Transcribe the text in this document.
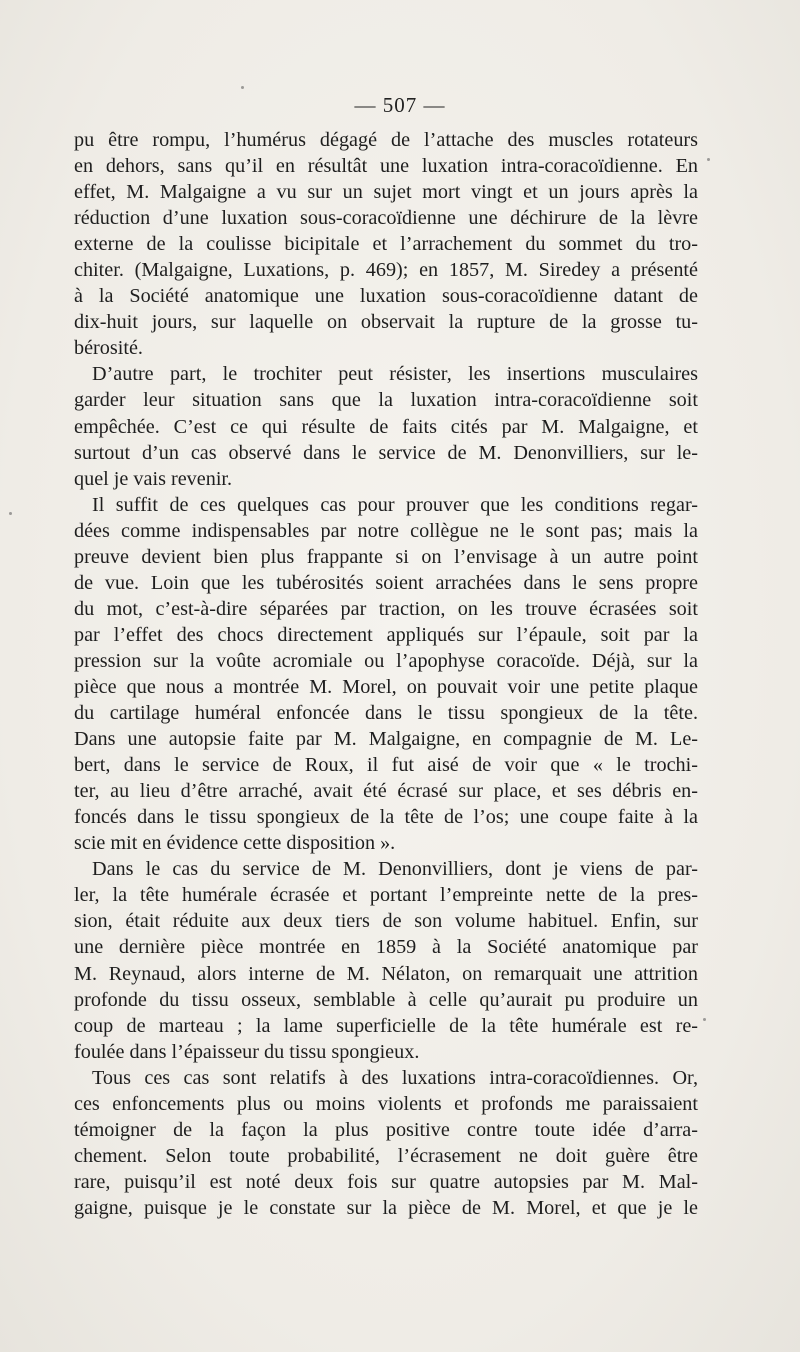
— 507 —
pu être rompu, l’humérus dégagé de l’attache des muscles rotateurs
en dehors, sans qu’il en résultât une luxation intra-coracoïdienne. En
effet, M. Malgaigne a vu sur un sujet mort vingt et un jours après la
réduction d’une luxation sous-coracoïdienne une déchirure de la lèvre
externe de la coulisse bicipitale et l’arrachement du sommet du tro-
chiter. (Malgaigne, Luxations, p. 469); en 1857, M. Siredey a présenté
à la Société anatomique une luxation sous-coracoïdienne datant de
dix-huit jours, sur laquelle on observait la rupture de la grosse tu-
bérosité.
D’autre part, le trochiter peut résister, les insertions musculaires
garder leur situation sans que la luxation intra-coracoïdienne soit
empêchée. C’est ce qui résulte de faits cités par M. Malgaigne, et
surtout d’un cas observé dans le service de M. Denonvilliers, sur le-
quel je vais revenir.
Il suffit de ces quelques cas pour prouver que les conditions regar-
dées comme indispensables par notre collègue ne le sont pas; mais la
preuve devient bien plus frappante si on l’envisage à un autre point
de vue. Loin que les tubérosités soient arrachées dans le sens propre
du mot, c’est-à-dire séparées par traction, on les trouve écrasées soit
par l’effet des chocs directement appliqués sur l’épaule, soit par la
pression sur la voûte acromiale ou l’apophyse coracoïde. Déjà, sur la
pièce que nous a montrée M. Morel, on pouvait voir une petite plaque
du cartilage huméral enfoncée dans le tissu spongieux de la tête.
Dans une autopsie faite par M. Malgaigne, en compagnie de M. Le-
bert, dans le service de Roux, il fut aisé de voir que « le trochi-
ter, au lieu d’être arraché, avait été écrasé sur place, et ses débris en-
foncés dans le tissu spongieux de la tête de l’os; une coupe faite à la
scie mit en évidence cette disposition ».
Dans le cas du service de M. Denonvilliers, dont je viens de par-
ler, la tête humérale écrasée et portant l’empreinte nette de la pres-
sion, était réduite aux deux tiers de son volume habituel. Enfin, sur
une dernière pièce montrée en 1859 à la Société anatomique par
M. Reynaud, alors interne de M. Nélaton, on remarquait une attrition
profonde du tissu osseux, semblable à celle qu’aurait pu produire un
coup de marteau ; la lame superficielle de la tête humérale est re-
foulée dans l’épaisseur du tissu spongieux.
Tous ces cas sont relatifs à des luxations intra-coracoïdiennes. Or,
ces enfoncements plus ou moins violents et profonds me paraissaient
témoigner de la façon la plus positive contre toute idée d’arra-
chement. Selon toute probabilité, l’écrasement ne doit guère être
rare, puisqu’il est noté deux fois sur quatre autopsies par M. Mal-
gaigne, puisque je le constate sur la pièce de M. Morel, et que je le
